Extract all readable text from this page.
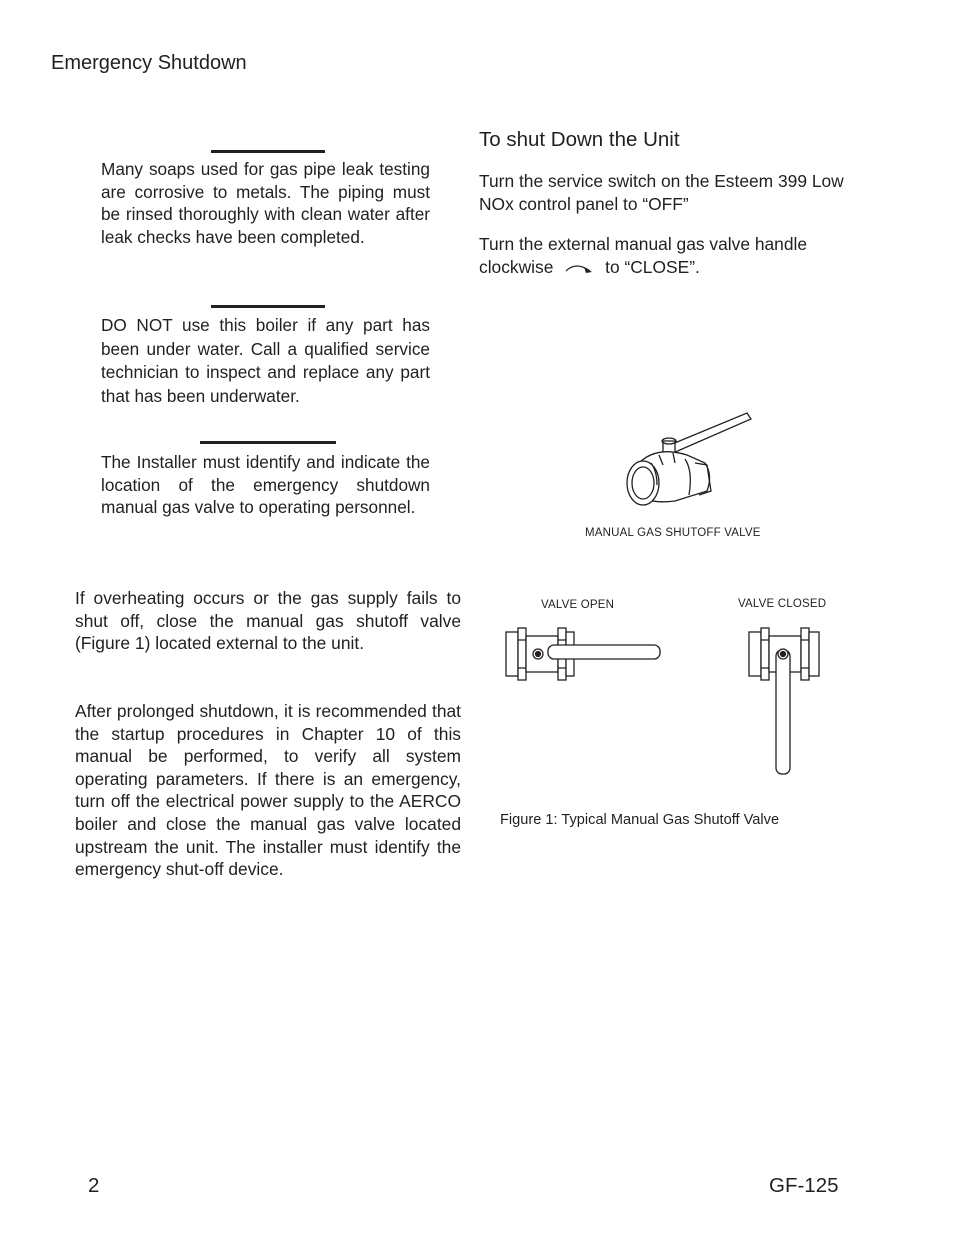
Emergency Shutdown
Many soaps used for gas pipe leak testing are corrosive to metals. The piping must be rinsed thoroughly with clean water after leak checks have been completed.
DO NOT use this boiler if any part has been under water. Call a qualified service technician to inspect and replace any part that has been underwater.
The Installer must identify and indicate the location of the emergency shutdown manual gas valve to operating personnel.
If overheating occurs or the gas supply fails to shut off, close the manual gas shutoff valve (Figure 1) located external to the unit.
After prolonged shutdown, it is recommended that the startup procedures in Chapter 10 of this manual be performed, to verify all system operating parameters. If there is an emergency, turn off the electrical power supply to the AERCO boiler and close the manual gas valve located upstream the unit. The installer must identify the emergency shut-off device.
To shut Down the Unit
Turn the service switch on the Esteem 399 Low NOx control panel to “OFF”
Turn the external manual gas valve handle clockwise	to “CLOSE”.
MANUAL GAS SHUTOFF VALVE
VALVE OPEN	VALVE CLOSED
Figure 1: Typical Manual Gas Shutoff Valve
2	GF-125
